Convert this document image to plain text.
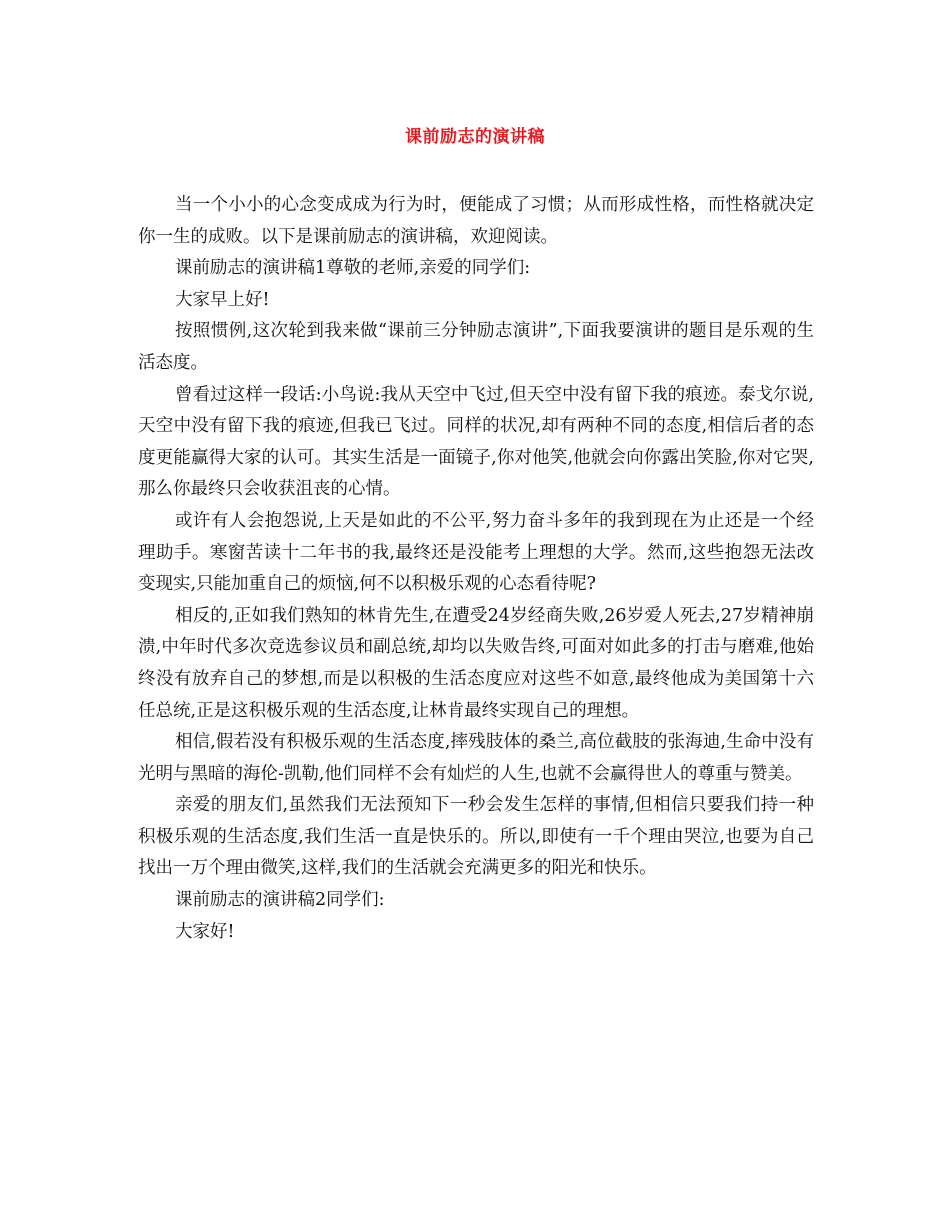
课前励志的演讲稿

当一个小小的心念变成成为行为时，便能成了习惯；从而形成性格，而性格就决定你一生的成败。以下是课前励志的演讲稿，欢迎阅读。

课前励志的演讲稿1尊敬的老师,亲爱的同学们:

大家早上好!

按照惯例,这次轮到我来做“课前三分钟励志演讲”,下面我要演讲的题目是乐观的生活态度。

曾看过这样一段话:小鸟说:我从天空中飞过,但天空中没有留下我的痕迹。泰戈尔说,天空中没有留下我的痕迹,但我已飞过。同样的状况,却有两种不同的态度,相信后者的态度更能赢得大家的认可。其实生活是一面镜子,你对他笑,他就会向你露出笑脸,你对它哭,那么你最终只会收获沮丧的心情。

或许有人会抱怨说,上天是如此的不公平,努力奋斗多年的我到现在为止还是一个经理助手。寒窗苦读十二年书的我,最终还是没能考上理想的大学。然而,这些抱怨无法改变现实,只能加重自己的烦恼,何不以积极乐观的心态看待呢?

相反的,正如我们熟知的林肯先生,在遭受24岁经商失败,26岁爱人死去,27岁精神崩溃,中年时代多次竞选参议员和副总统,却均以失败告终,可面对如此多的打击与磨难,他始终没有放弃自己的梦想,而是以积极的生活态度应对这些不如意,最终他成为美国第十六任总统,正是这积极乐观的生活态度,让林肯最终实现自己的理想。

相信,假若没有积极乐观的生活态度,摔残肢体的桑兰,高位截肢的张海迪,生命中没有光明与黑暗的海伦-凯勒,他们同样不会有灿烂的人生,也就不会赢得世人的尊重与赞美。

亲爱的朋友们,虽然我们无法预知下一秒会发生怎样的事情,但相信只要我们持一种积极乐观的生活态度,我们生活一直是快乐的。所以,即使有一千个理由哭泣,也要为自己找出一万个理由微笑,这样,我们的生活就会充满更多的阳光和快乐。

课前励志的演讲稿2同学们:

大家好!
